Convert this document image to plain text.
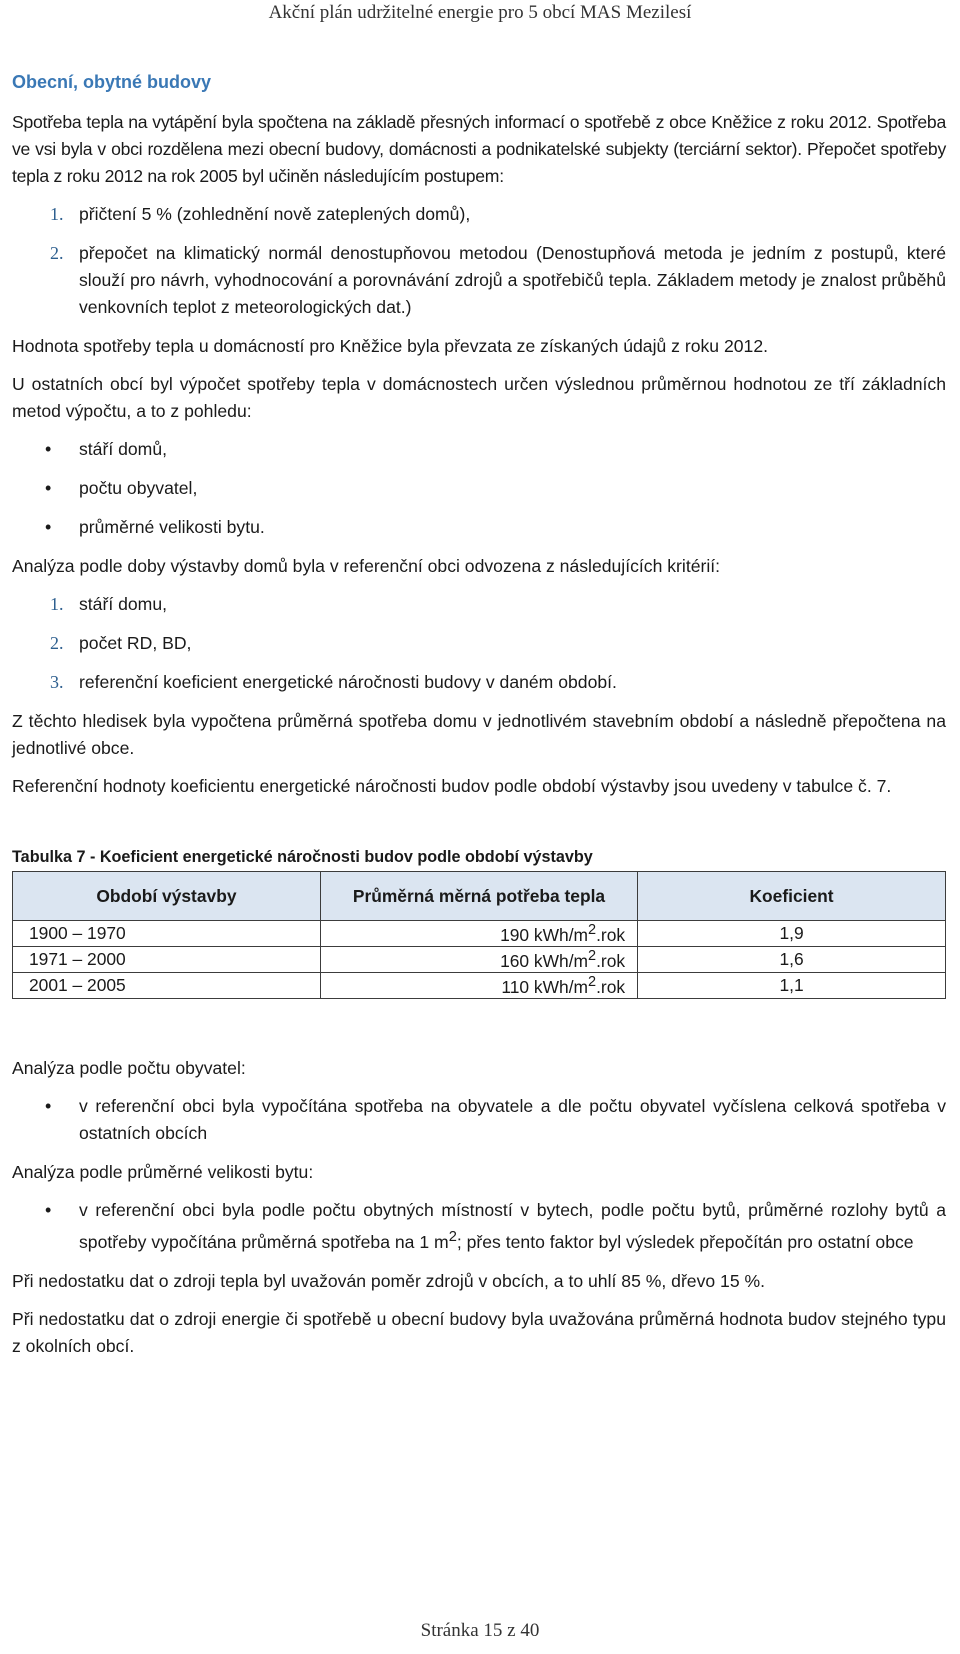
Akční plán udržitelné energie pro 5 obcí MAS Mezilesí
Obecní, obytné budovy

Spotřeba tepla na vytápění byla spočtena na základě přesných informací o spotřebě z obce Kněžice z roku 2012. Spotřeba ve vsi byla v obci rozdělena mezi obecní budovy, domácnosti a podnikatelské subjekty (terciární sektor). Přepočet spotřeby tepla z roku 2012 na rok 2005 byl učiněn následujícím postupem:

1. přičtení 5 % (zohlednění nově zateplených domů),
2. přepočet na klimatický normál denostupňovou metodou (Denostupňová metoda je jedním z postupů, které slouží pro návrh, vyhodnocování a porovnávání zdrojů a spotřebičů tepla. Základem metody je znalost průběhů venkovních teplot z meteorologických dat.)

Hodnota spotřeby tepla u domácností pro Kněžice byla převzata ze získaných údajů z roku 2012.

U ostatních obcí byl výpočet spotřeby tepla v domácnostech určen výslednou průměrnou hodnotou ze tří základních metod výpočtu, a to z pohledu:

• stáří domů,
• počtu obyvatel,
• průměrné velikosti bytu.

Analýza podle doby výstavby domů byla v referenční obci odvozena z následujících kritérií:

1. stáří domu,
2. počet RD, BD,
3. referenční koeficient energetické náročnosti budovy v daném období.

Z těchto hledisek byla vypočtena průměrná spotřeba domu v jednotlivém stavebním období a následně přepočtena na jednotlivé obce.

Referenční hodnoty koeficientu energetické náročnosti budov podle období výstavby jsou uvedeny v tabulce č. 7.

Tabulka 7 - Koeficient energetické náročnosti budov podle období výstavby
Období výstavby	Průměrná měrná potřeba tepla	Koeficient
1900 – 1970	190 kWh/$m^2.rok$	1,9
1971 – 2000	160 kWh/$m^2.rok$	1,6
2001 – 2005	110 kWh/$m^2.rok$	1,1

Analýza podle počtu obyvatel:

• v referenční obci byla vypočítána spotřeba na obyvatele a dle počtu obyvatel vyčíslena celková spotřeba v ostatních obcích

Analýza podle průměrné velikosti bytu:

• v referenční obci byla podle počtu obytných místností v bytech, podle počtu bytů, průměrné rozlohy bytů a spotřeby vypočítána průměrná spotřeba na 1 $m^2$; přes tento faktor byl výsledek přepočítán pro ostatní obce

Při nedostatku dat o zdroji tepla byl uvažován poměr zdrojů v obcích, a to uhlí 85 %, dřevo 15 %.

Při nedostatku dat o zdroji energie či spotřebě u obecní budovy byla uvažována průměrná hodnota budov stejného typu z okolních obcí.

Stránka 15 z 40
